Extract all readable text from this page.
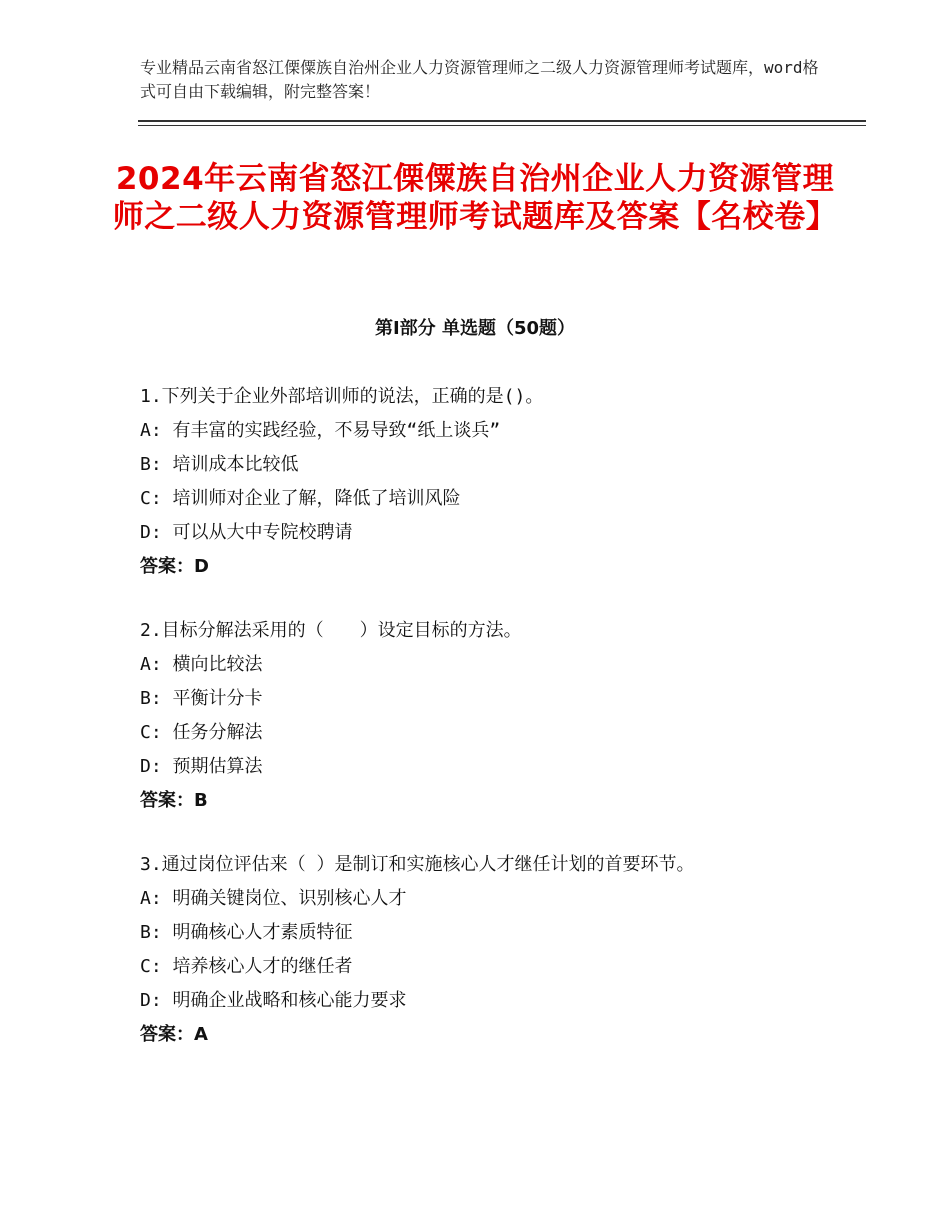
专业精品云南省怒江傈僳族自治州企业人力资源管理师之二级人力资源管理师考试题库，word格式可自由下载编辑，附完整答案！
2024年云南省怒江傈僳族自治州企业人力资源管理师之二级人力资源管理师考试题库及答案【名校卷】
第Ⅰ部分 单选题（50题）
1.下列关于企业外部培训师的说法，正确的是()。
A: 有丰富的实践经验，不易导致“纸上谈兵”
B: 培训成本比较低
C: 培训师对企业了解，降低了培训风险
D: 可以从大中专院校聘请
答案：D
2.目标分解法采用的（　　）设定目标的方法。
A: 横向比较法
B: 平衡计分卡
C: 任务分解法
D: 预期估算法
答案：B
3.通过岗位评估来（ ）是制订和实施核心人才继任计划的首要环节。
A: 明确关键岗位、识别核心人才
B: 明确核心人才素质特征
C: 培养核心人才的继任者
D: 明确企业战略和核心能力要求
答案：A
